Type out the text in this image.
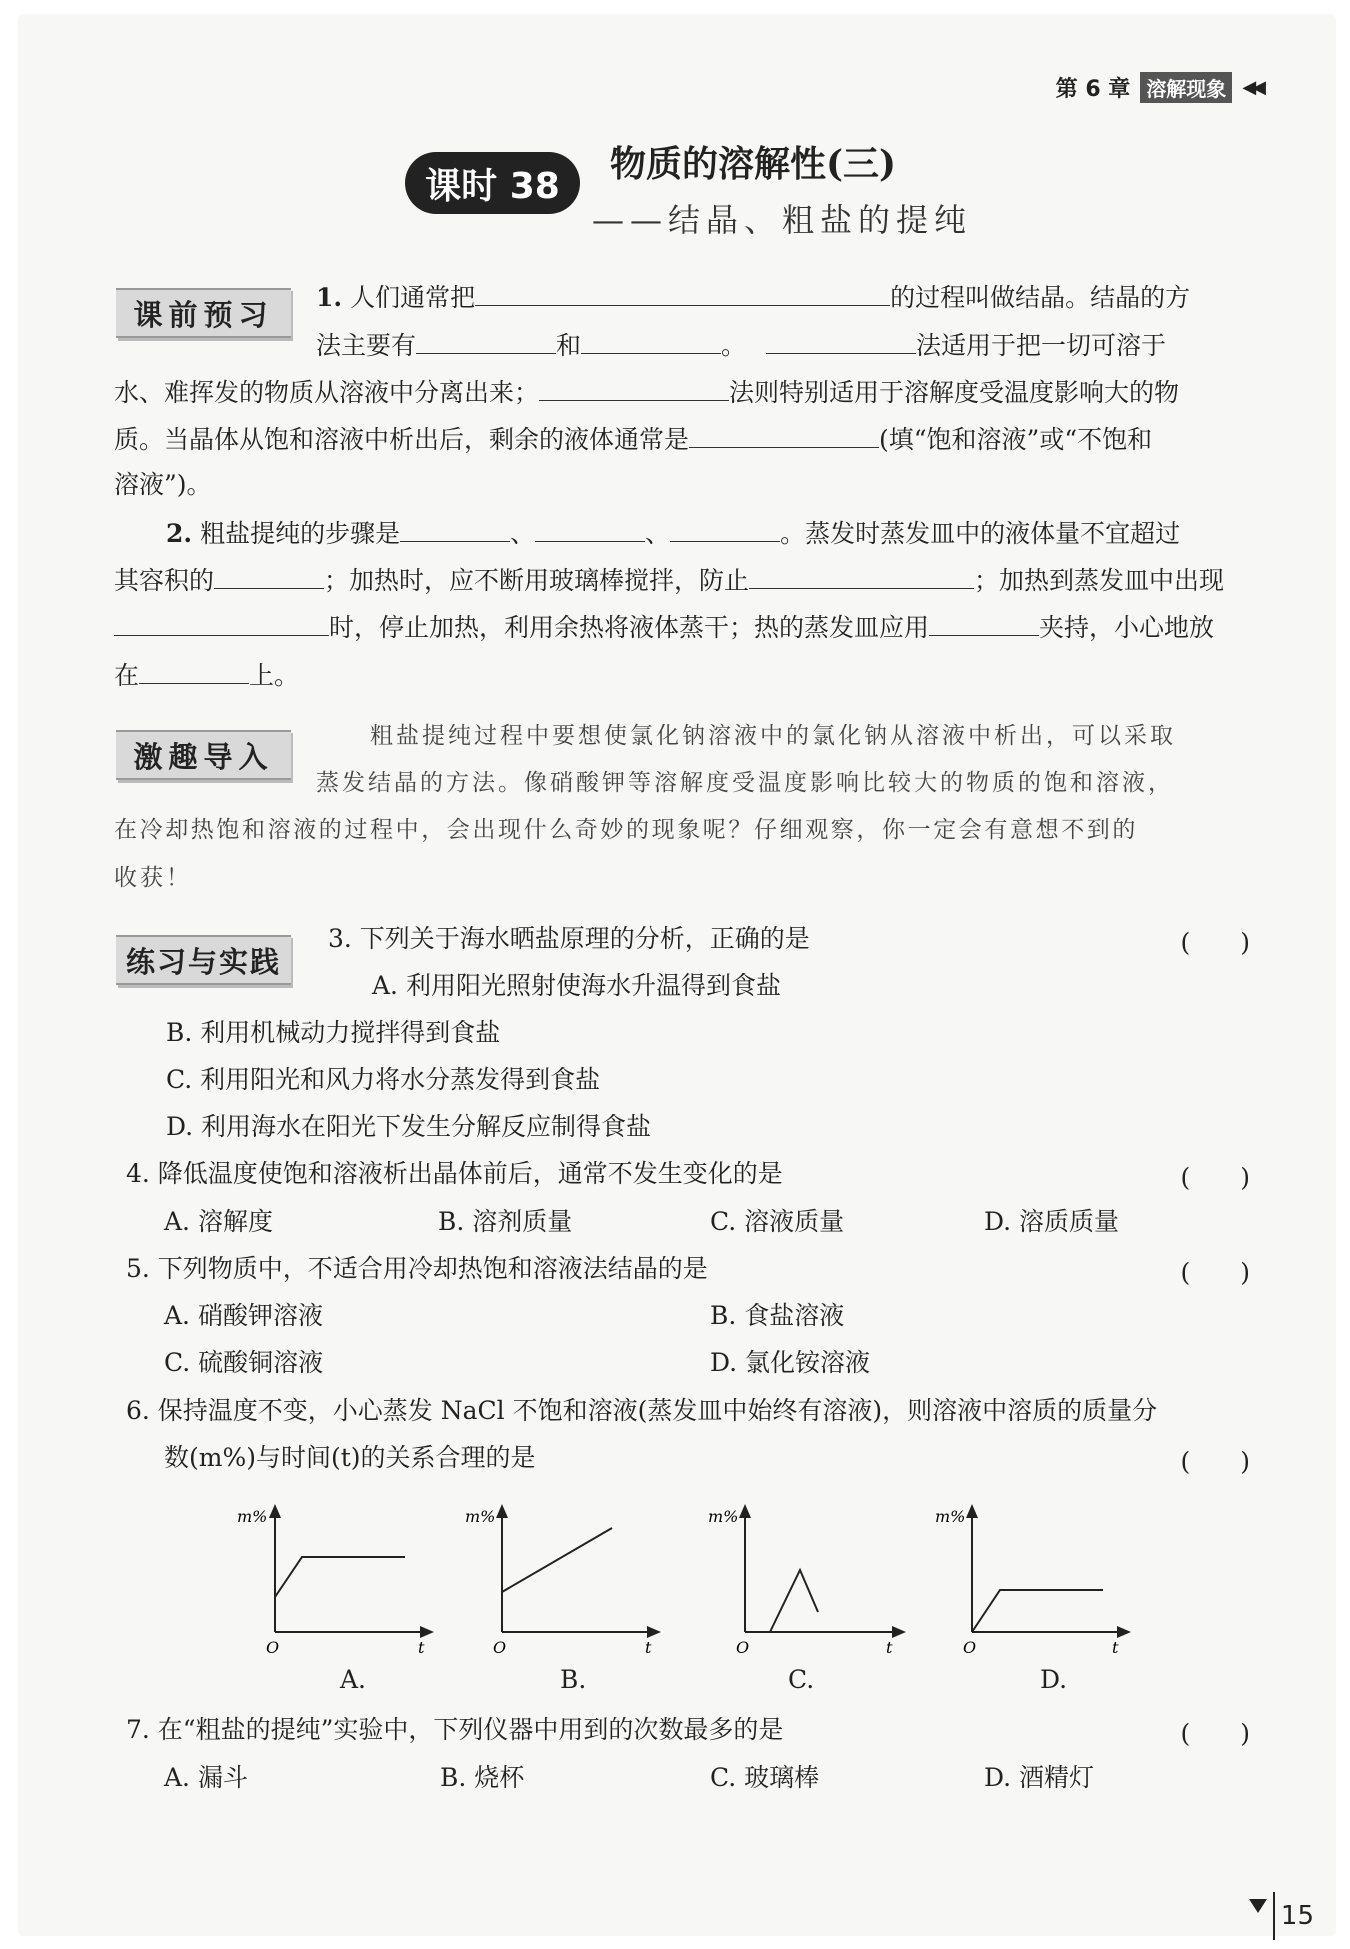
第 6 章 溶解现象 ◀◀
课时 38
物质的溶解性(三)
——结晶、粗盐的提纯
课前预习	1. 人们通常把	的过程叫做结晶。结晶的方
法主要有	和	。	法适用于把一切可溶于
水、难挥发的物质从溶液中分离出来；	法则特别适用于溶解度受温度影响大的物
质。当晶体从饱和溶液中析出后，剩余的液体通常是	(填“饱和溶液”或“不饱和
溶液”)。
2. 粗盐提纯的步骤是	、	、	。蒸发时蒸发皿中的液体量不宜超过
其容积的	；加热时，应不断用玻璃棒搅拌，防止	；加热到蒸发皿中出现
时，停止加热，利用余热将液体蒸干；热的蒸发皿应用	夹持，小心地放
在	上。
激趣导入
粗盐提纯过程中要想使氯化钠溶液中的氯化钠从溶液中析出，可以采取
蒸发结晶的方法。像硝酸钾等溶解度受温度影响比较大的物质的饱和溶液，
在冷却热饱和溶液的过程中，会出现什么奇妙的现象呢？仔细观察，你一定会有意想不到的
收获！
练习与实践
3. 下列关于海水晒盐原理的分析，正确的是	(　　)
A. 利用阳光照射使海水升温得到食盐
B. 利用机械动力搅拌得到食盐
C. 利用阳光和风力将水分蒸发得到食盐
D. 利用海水在阳光下发生分解反应制得食盐
4. 降低温度使饱和溶液析出晶体前后，通常不发生变化的是	(　　)
A. 溶解度	B. 溶剂质量	C. 溶液质量	D. 溶质质量
5. 下列物质中，不适合用冷却热饱和溶液法结晶的是	(　　)
A. 硝酸钾溶液	B. 食盐溶液
C. 硫酸铜溶液	D. 氯化铵溶液
6. 保持温度不变，小心蒸发 NaCl 不饱和溶液(蒸发皿中始终有溶液)，则溶液中溶质的质量分
数(m%)与时间(t)的关系合理的是	(　　)
m%
O	t
m%
O	t
m%
O	t
m%
O	t
A.	B.	C.	D.
7. 在“粗盐的提纯”实验中，下列仪器中用到的次数最多的是	(　　)
A. 漏斗	B. 烧杯	C. 玻璃棒	D. 酒精灯
15
